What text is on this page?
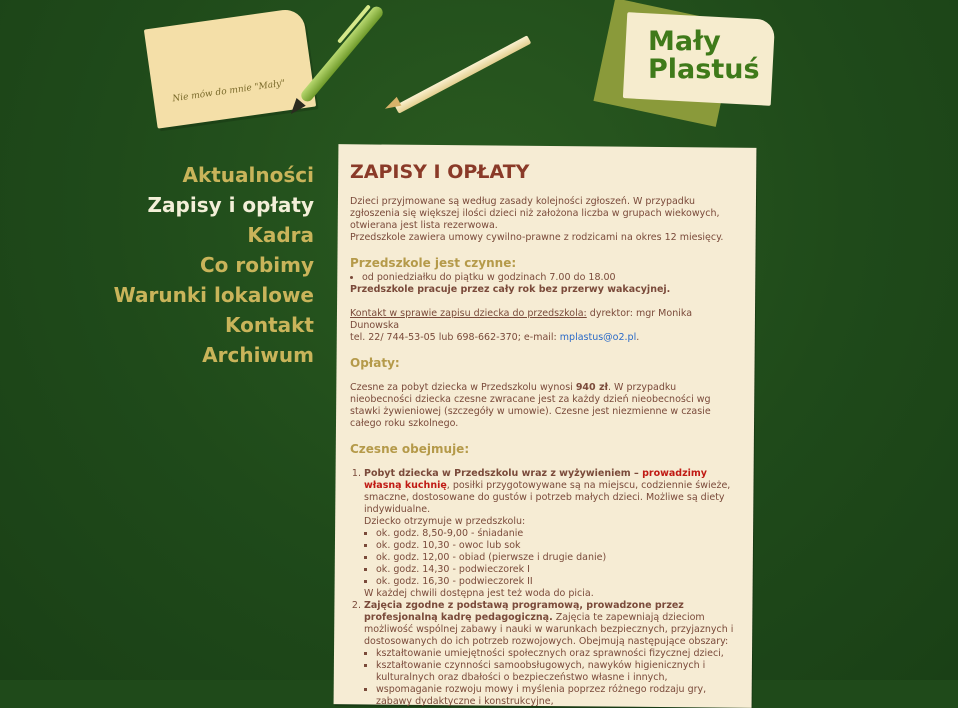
Nie mów do mnie "Mały"
Mały
Plastuś
Aktualności
Zapisy i opłaty
Kadra
Co robimy
Warunki lokalowe
Kontakt
Archiwum
ZAPISY I OPŁATY

Dzieci przyjmowane są według zasady kolejności zgłoszeń. W przypadku zgłoszenia się większej ilości dzieci niż założona liczba w grupach wiekowych, otwierana jest lista rezerwowa.
Przedszkole zawiera umowy cywilno-prawne z rodzicami na okres 12 miesięcy.

Przedszkole jest czynne:
• od poniedziałku do piątku w godzinach 7.00 do 18.00

Przedszkole pracuje przez cały rok bez przerwy wakacyjnej.

Kontakt w sprawie zapisu dziecka do przedszkola: dyrektor: mgr Monika Dunowska
tel. 22/ 744-53-05 lub 698-662-370; e-mail: mplastus@o2.pl.

Opłaty:

Czesne za pobyt dziecka w Przedszkolu wynosi 940 zł. W przypadku nieobecności dziecka czesne zwracane jest za każdy dzień nieobecności wg stawki żywieniowej (szczegóły w umowie). Czesne jest niezmienne w czasie całego roku szkolnego.

Czesne obejmuje:
1. Pobyt dziecka w Przedszkolu wraz z wyżywieniem – prowadzimy własną kuchnię, posiłki przygotowywane są na miejscu, codziennie świeże, smaczne, dostosowane do gustów i potrzeb małych dzieci. Możliwe są diety indywidualne.
Dziecko otrzymuje w przedszkolu:
▪ ok. godz. 8,50-9,00 - śniadanie
▪ ok. godz. 10,30 - owoc lub sok
▪ ok. godz. 12,00 - obiad (pierwsze i drugie danie)
▪ ok. godz. 14,30 - podwieczorek I
▪ ok. godz. 16,30 - podwieczorek II
W każdej chwili dostępna jest też woda do picia.
2. Zajęcia zgodne z podstawą programową, prowadzone przez profesjonalną kadrę pedagogiczną. Zajęcia te zapewniają dzieciom możliwość wspólnej zabawy i nauki w warunkach bezpiecznych, przyjaznych i dostosowanych do ich potrzeb rozwojowych. Obejmują następujące obszary:
▪ kształtowanie umiejętności społecznych oraz sprawności fizycznej dzieci,
▪ kształtowanie czynności samoobsługowych, nawyków higienicznych i kulturalnych oraz dbałości o bezpieczeństwo własne i innych,
▪ wspomaganie rozwoju mowy i myślenia poprzez różnego rodzaju gry, zabawy dydaktyczne i konstrukcyjne,
